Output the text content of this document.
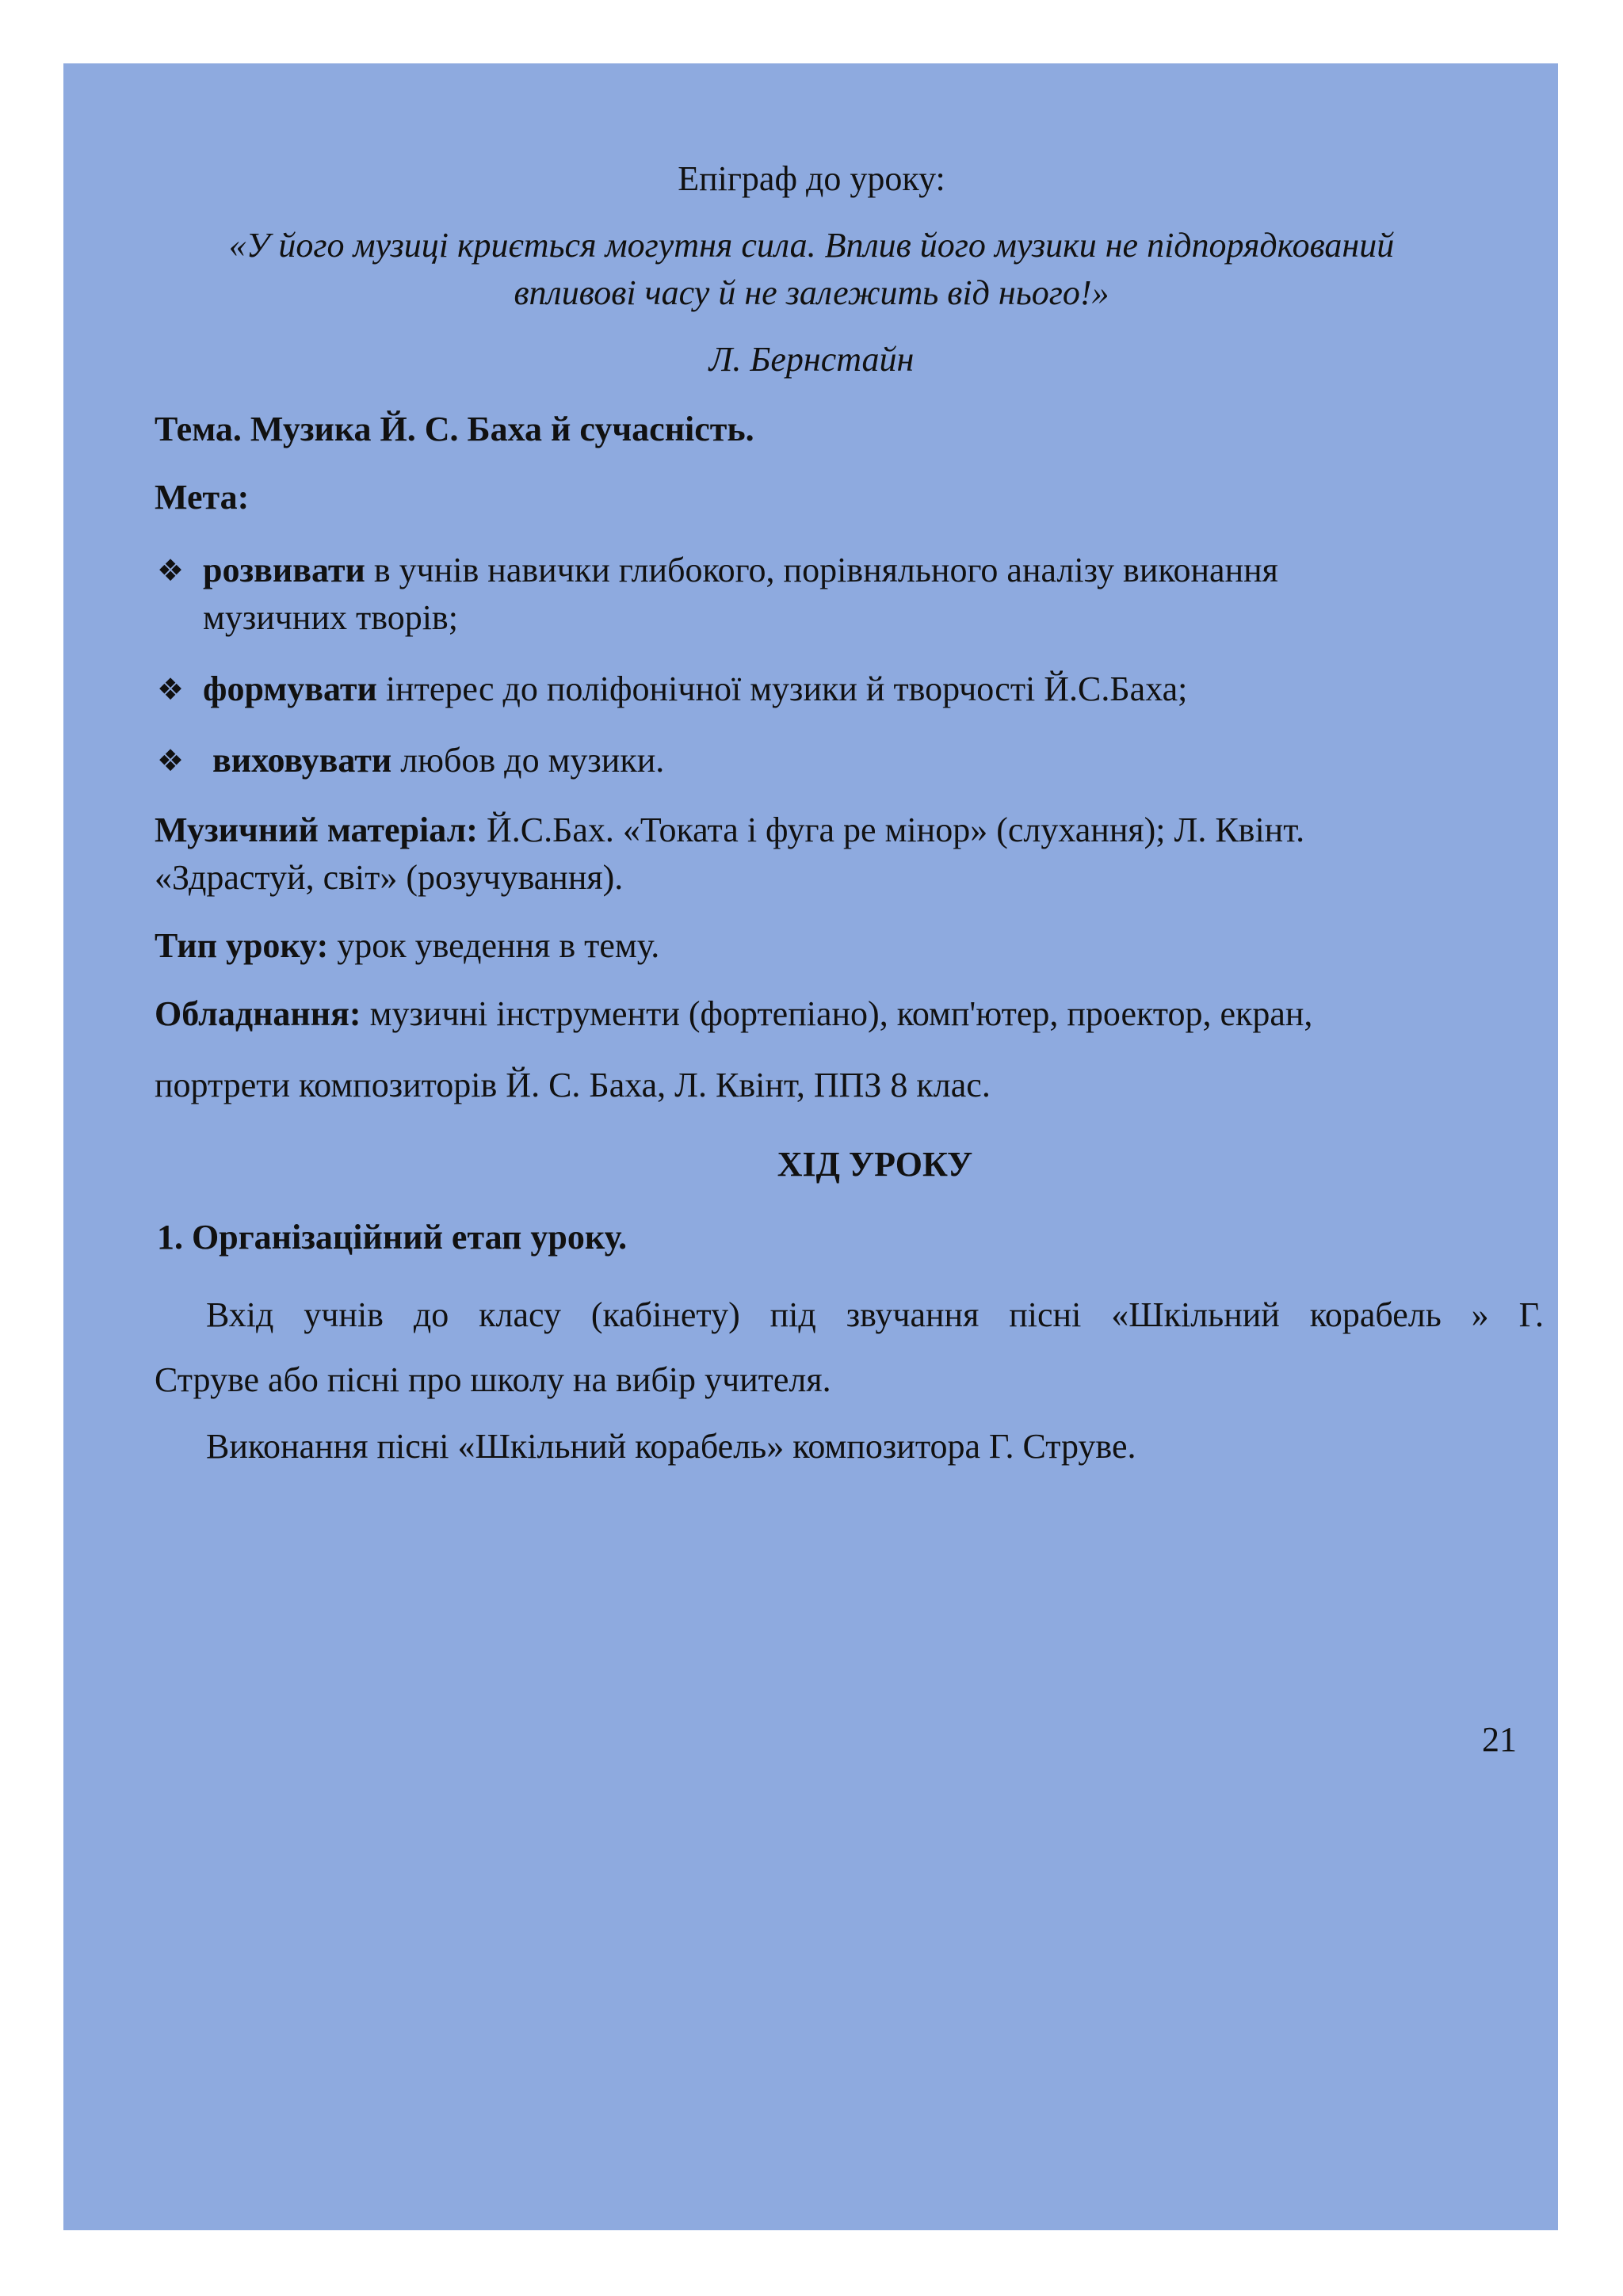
Епіграф до уроку:
«У його музиці криється могутня сила. Вплив його музики не підпорядкований
впливові часу й не залежить від нього!»
Л. Бернстайн
Тема. Музика Й. С. Баха й сучасність.
Мета:
❖ розвивати в учнів навички глибокого, порівняльного аналізу виконання
музичних творів;
❖ формувати інтерес до поліфонічної музики й творчості Й.С.Баха;
❖ виховувати любов до музики.
Музичний матеріал: Й.С.Бах. «Токата і фуга ре мінор» (слухання); Л. Квінт.
«Здрастуй, світ» (розучування).
Тип уроку: урок уведення в тему.
Обладнання: музичні інструменти (фортепіано), комп'ютер, проектор, екран,
портрети композиторів Й. С. Баха, Л. Квінт, ППЗ 8 клас.
ХІД УРОКУ
1. Організаційний етап уроку.
Вхід учнів до класу (кабінету) під звучання пісні «Шкільний корабель » Г.
Струве або пісні про школу на вибір учителя.
Виконання пісні «Шкільний корабель» композитора Г. Струве.
21
